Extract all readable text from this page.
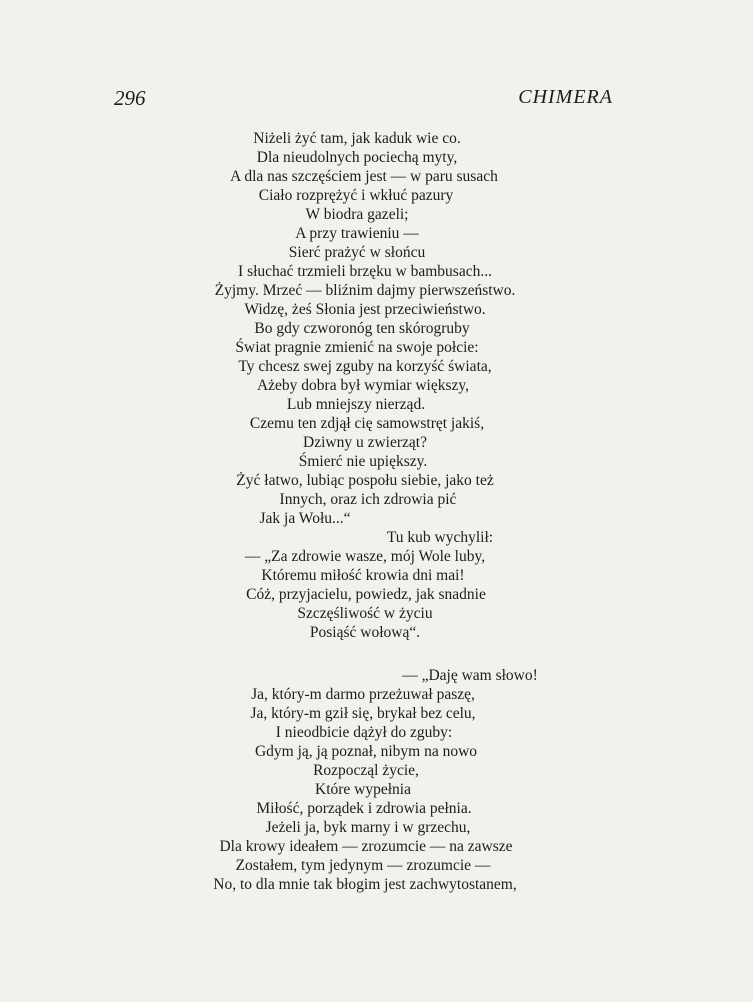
296	CHIMERA
Niżeli żyć tam, jak kaduk wie co.
Dla nieudolnych pociechą myty,
A dla nas szczęściem jest — w paru susach
Ciało rozprężyć i wkłuć pazury
W biodra gazeli;
A przy trawieniu —
Sierć prażyć w słońcu
I słuchać trzmieli brzęku w bambusach...
Żyjmy. Mrzeć — bliźnim dajmy pierwszeństwo.
Widzę, żeś Słonia jest przeciwieństwo.
Bo gdy czworonóg ten skórogruby
Świat pragnie zmienić na swoje połcie:
Ty chcesz swej zguby na korzyść świata,
Ażeby dobra był wymiar większy,
Lub mniejszy nierząd.
Czemu ten zdjął cię samowstręt jakiś,
Dziwny u zwierząt?
Śmierć nie upiększy.
Żyć łatwo, lubiąc pospołu siebie, jako też
Innych, oraz ich zdrowia pić
Jak ja Wołu...“
Tu kub wychylił:
— „Za zdrowie wasze, mój Wole luby,
Któremu miłość krowia dni mai!
Cóż, przyjacielu, powiedz, jak snadnie
Szczęśliwość w życiu
Posiąść wołową“.
— „Daję wam słowo!
Ja, który-m darmo przeżuwał paszę,
Ja, który-m gził się, brykał bez celu,
I nieodbicie dążył do zguby:
Gdym ją, ją poznał, nibym na nowo
Rozpocząl życie,
Które wypełnia
Miłość, porządek i zdrowia pełnia.
Jeżeli ja, byk marny i w grzechu,
Dla krowy ideałem — zrozumcie — na zawsze
Zostałem, tym jedynym — zrozumcie —
No, to dla mnie tak błogim jest zachwytostanem,
